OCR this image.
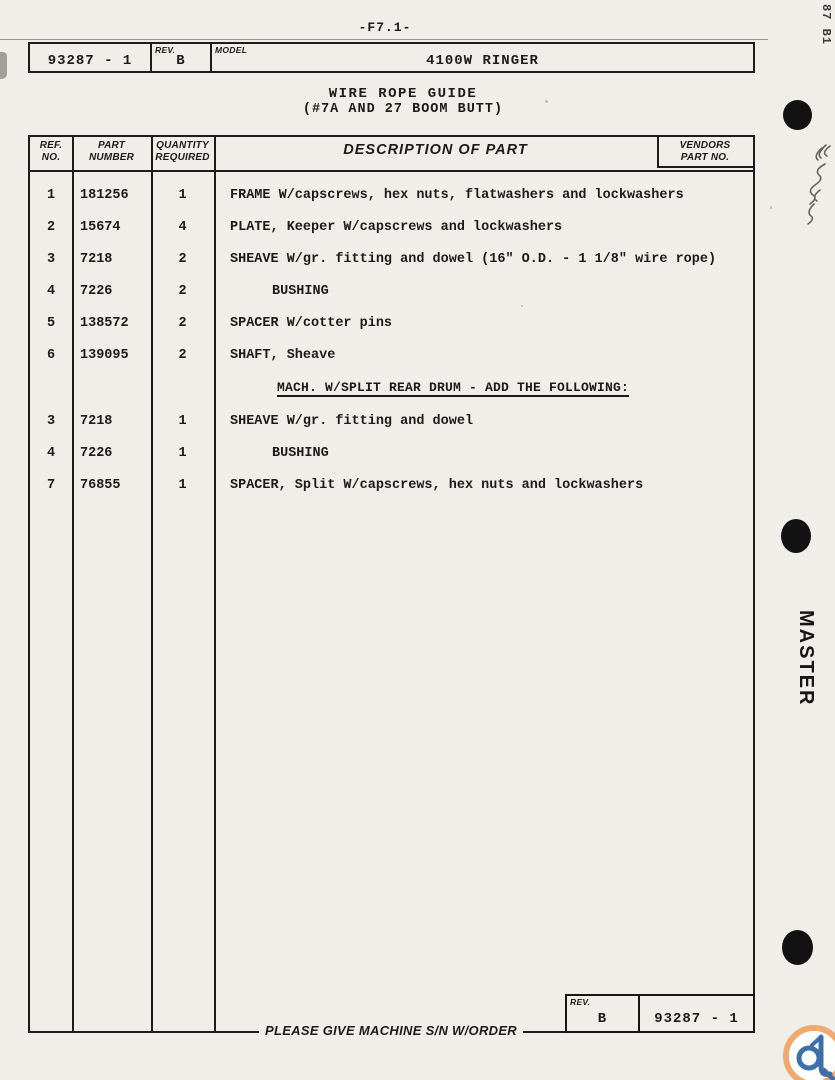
-F7.1-
93287 - 1
REV.
B
MODEL
4100W RINGER
WIRE ROPE GUIDE
(#7A AND 27 BOOM BUTT)
REF.
NO.
PART
NUMBER
QUANTITY
REQUIRED	DESCRIPTION OF PART	VENDORS
PART NO.
1	181256	1	FRAME W/capscrews, hex nuts, flatwashers and lockwashers
2	15674	4	PLATE, Keeper W/capscrews and lockwashers
3	7218	2	SHEAVE W/gr. fitting and dowel (16" O.D. - 1 1/8" wire rope)
4	7226	2	BUSHING
5	138572	2	SPACER W/cotter pins
6	139095	2	SHAFT, Sheave
MACH. W/SPLIT REAR DRUM - ADD THE FOLLOWING:
3	7218	1	SHEAVE W/gr. fitting and dowel
4	7226	1	BUSHING
7	76855	1	SPACER, Split W/capscrews, hex nuts and lockwashers
REV.
B	93287 - 1
PLEASE GIVE MACHINE S/N W/ORDER
87 B1
MASTER
